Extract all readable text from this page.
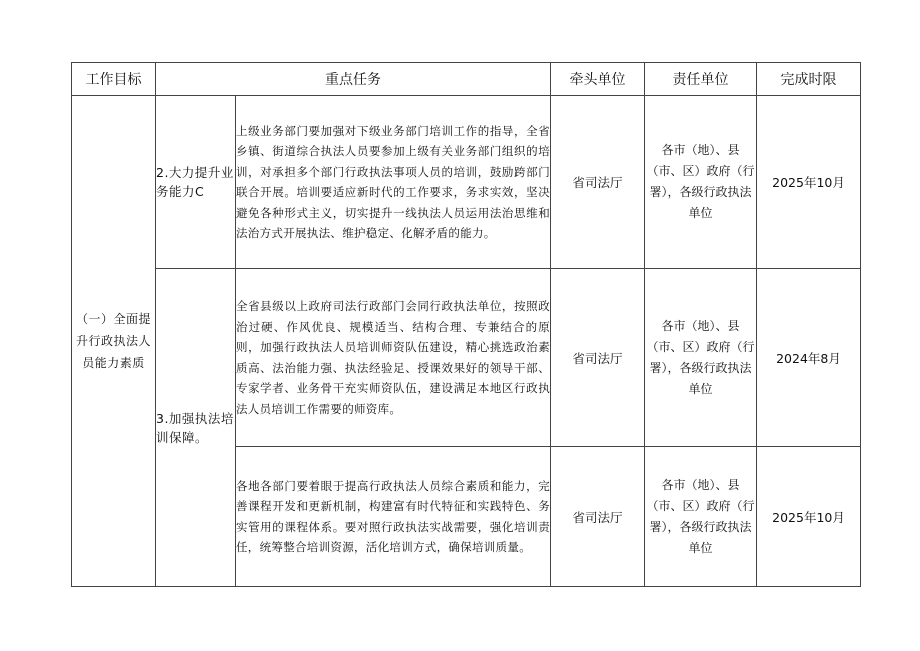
工作目标	重点任务		牵头单位	责任单位	完成时限
（一）全面提升行政执法人员能力素质	2.大力提升业务能力C	上级业务部门要加强对下级业务部门培训工作的指导，全省乡镇、街道综合执法人员要参加上级有关业务部门组织的培训，对承担多个部门行政执法事项人员的培训，鼓励跨部门联合开展。培训要适应新时代的工作要求，务求实效，坚决避免各种形式主义，切实提升一线执法人员运用法治思维和法治方式开展执法、维护稳定、化解矛盾的能力。	省司法厅	各市（地）、县（市、区）政府（行署），各级行政执法单位	2025年10月
	3.加强执法培训保障。	全省县级以上政府司法行政部门会同行政执法单位，按照政治过硬、作风优良、规模适当、结构合理、专兼结合的原则，加强行政执法人员培训师资队伍建设，精心挑选政治素质高、法治能力强、执法经验足、授课效果好的领导干部、专家学者、业务骨干充实师资队伍，建设满足本地区行政执法人员培训工作需要的师资库。	省司法厅	各市（地）、县（市、区）政府（行署），各级行政执法单位	2024年8月
		各地各部门要着眼于提高行政执法人员综合素质和能力，完善课程开发和更新机制，构建富有时代特征和实践特色、务实管用的课程体系。要对照行政执法实战需要，强化培训责任，统筹整合培训资源，活化培训方式，确保培训质量。	省司法厅	各市（地）、县（市、区）政府（行署），各级行政执法单位	2025年10月
